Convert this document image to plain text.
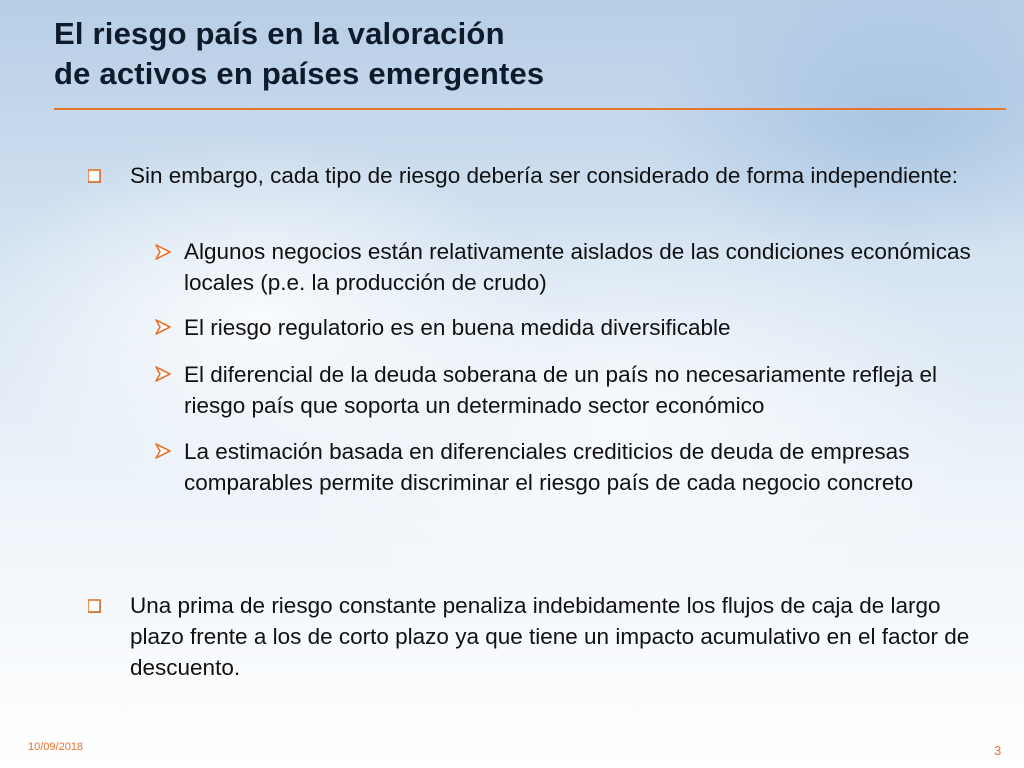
El riesgo país en la valoración
de activos en países emergentes
Sin embargo, cada tipo de riesgo debería ser considerado de forma independiente:
Algunos negocios están relativamente aislados de las condiciones económicas locales (p.e. la producción de crudo)
El riesgo regulatorio es en buena medida diversificable
El diferencial de la deuda soberana de un país no necesariamente refleja el riesgo país que soporta un determinado sector económico
La estimación basada en diferenciales crediticios de deuda de empresas comparables permite discriminar el riesgo país de cada negocio concreto
Una prima de riesgo constante penaliza indebidamente los flujos de caja de largo plazo frente a los de corto plazo ya que tiene un impacto acumulativo en el factor de descuento.
10/09/2018	3
